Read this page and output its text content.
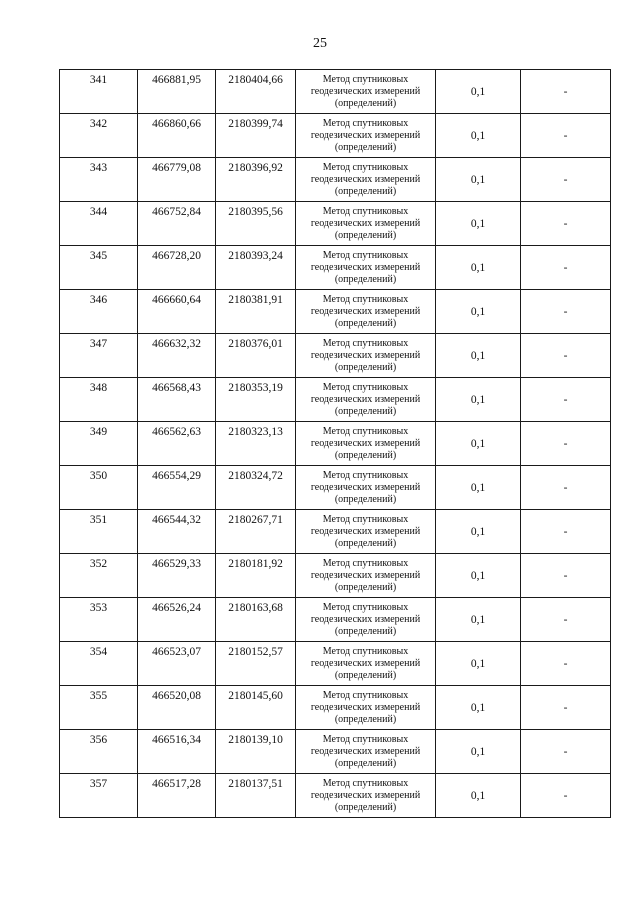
25
341	466881,95	2180404,66	Метод спутниковых
геодезических измерений
(определений)	0,1	-
342	466860,66	2180399,74	Метод спутниковых
геодезических измерений
(определений)	0,1	-
343	466779,08	2180396,92	Метод спутниковых
геодезических измерений
(определений)	0,1	-
344	466752,84	2180395,56	Метод спутниковых
геодезических измерений
(определений)	0,1	-
345	466728,20	2180393,24	Метод спутниковых
геодезических измерений
(определений)	0,1	-
346	466660,64	2180381,91	Метод спутниковых
геодезических измерений
(определений)	0,1	-
347	466632,32	2180376,01	Метод спутниковых
геодезических измерений
(определений)	0,1	-
348	466568,43	2180353,19	Метод спутниковых
геодезических измерений
(определений)	0,1	-
349	466562,63	2180323,13	Метод спутниковых
геодезических измерений
(определений)	0,1	-
350	466554,29	2180324,72	Метод спутниковых
геодезических измерений
(определений)	0,1	-
351	466544,32	2180267,71	Метод спутниковых
геодезических измерений
(определений)	0,1	-
352	466529,33	2180181,92	Метод спутниковых
геодезических измерений
(определений)	0,1	-
353	466526,24	2180163,68	Метод спутниковых
геодезических измерений
(определений)	0,1	-
354	466523,07	2180152,57	Метод спутниковых
геодезических измерений
(определений)	0,1	-
355	466520,08	2180145,60	Метод спутниковых
геодезических измерений
(определений)	0,1	-
356	466516,34	2180139,10	Метод спутниковых
геодезических измерений
(определений)	0,1	-
357	466517,28	2180137,51	Метод спутниковых
геодезических измерений
(определений)	0,1	-
